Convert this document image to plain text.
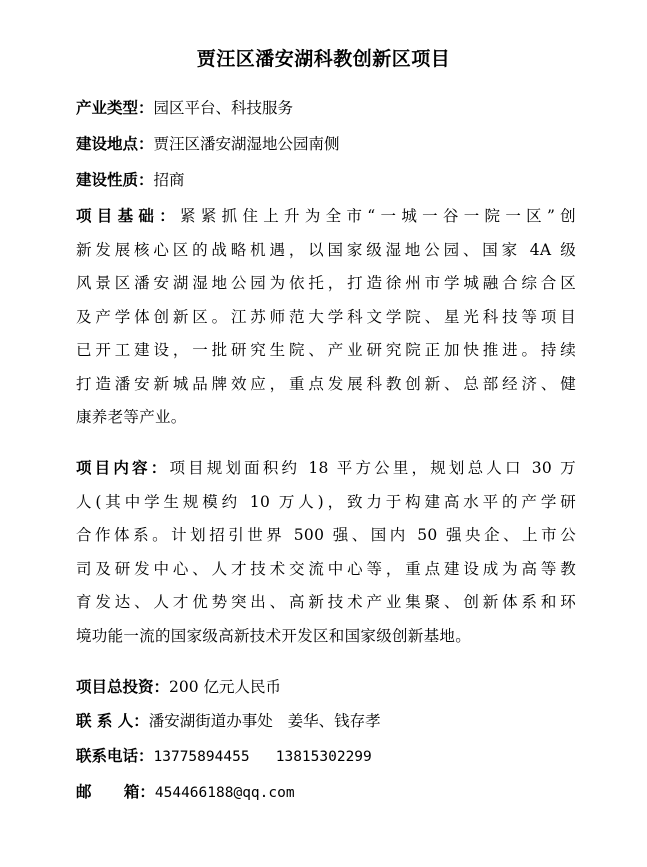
贾汪区潘安湖科教创新区项目
产业类型：园区平台、科技服务
建设地点：贾汪区潘安湖湿地公园南侧
建设性质：招商
项目基础：紧紧抓住上升为全市“一城一谷一院一区”创
新发展核心区的战略机遇，以国家级湿地公园、国家 4A 级
风景区潘安湖湿地公园为依托，打造徐州市学城融合综合区
及产学体创新区。江苏师范大学科文学院、星光科技等项目
已开工建设，一批研究生院、产业研究院正加快推进。持续
打造潘安新城品牌效应，重点发展科教创新、总部经济、健
康养老等产业。
项目内容：项目规划面积约 18 平方公里，规划总人口 30 万
人(其中学生规模约 10 万人)，致力于构建高水平的产学研
合作体系。计划招引世界 500 强、国内 50 强央企、上市公
司及研发中心、人才技术交流中心等，重点建设成为高等教
育发达、人才优势突出、高新技术产业集聚、创新体系和环
境功能一流的国家级高新技术开发区和国家级创新基地。
项目总投资：200 亿元人民币
联 系 人：潘安湖街道办事处   姜华、钱存孝
联系电话：13775894455   13815302299
邮      箱：454466188@qq.com
